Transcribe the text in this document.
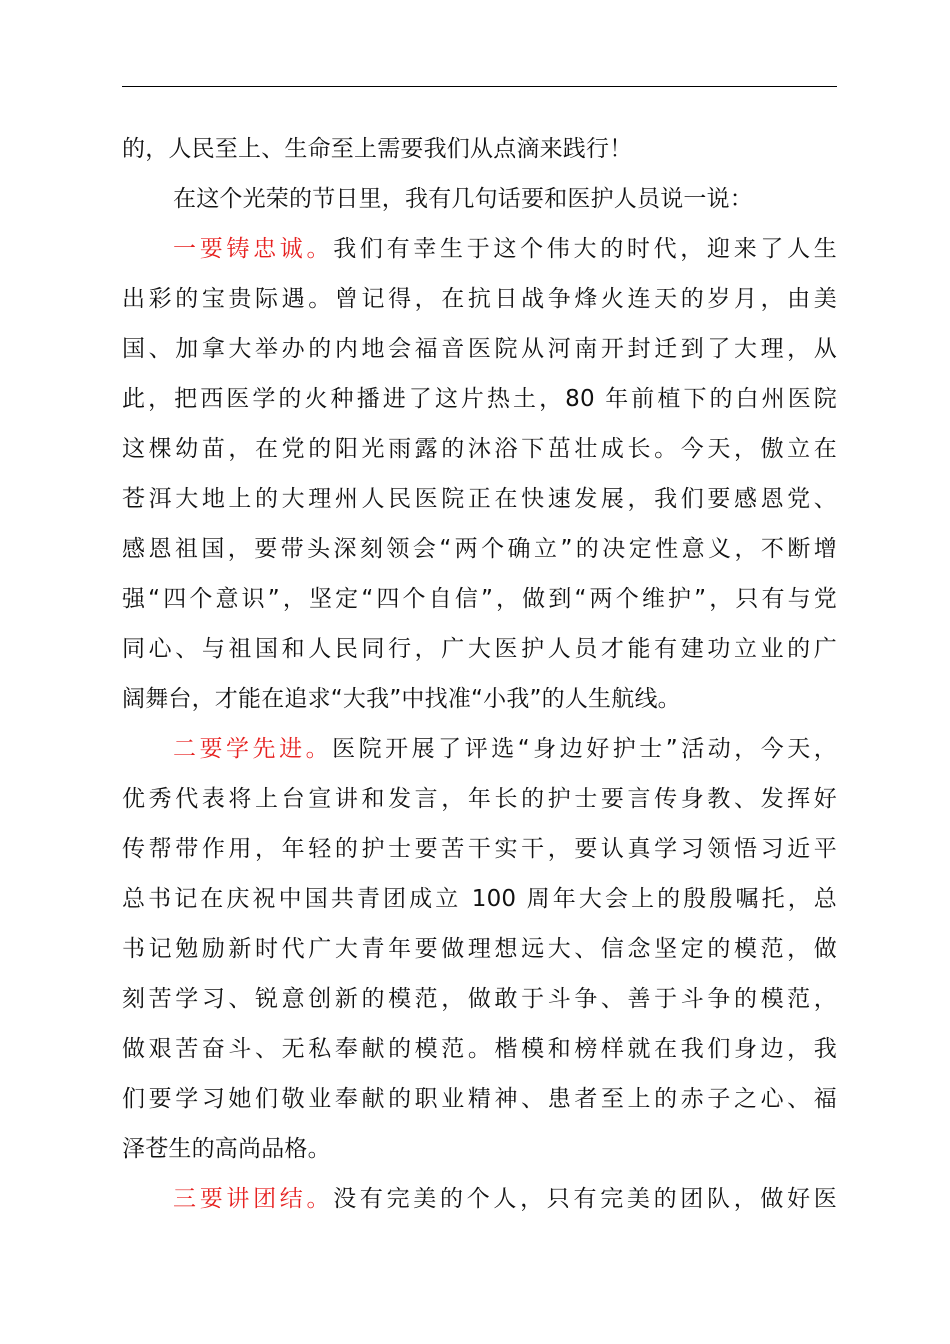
的，人民至上、生命至上需要我们从点滴来践行！
在这个光荣的节日里，我有几句话要和医护人员说一说：
一要铸忠诚。我们有幸生于这个伟大的时代，迎来了人生
出彩的宝贵际遇。曾记得，在抗日战争烽火连天的岁月，由美
国、加拿大举办的内地会福音医院从河南开封迁到了大理，从
此，把西医学的火种播进了这片热土，80 年前植下的白州医院
这棵幼苗，在党的阳光雨露的沐浴下茁壮成长。今天，傲立在
苍洱大地上的大理州人民医院正在快速发展，我们要感恩党、
感恩祖国，要带头深刻领会“两个确立”的决定性意义，不断增
强“四个意识”，坚定“四个自信”，做到“两个维护”，只有与党
同心、与祖国和人民同行，广大医护人员才能有建功立业的广
阔舞台，才能在追求“大我”中找准“小我”的人生航线。
二要学先进。医院开展了评选“身边好护士”活动，今天，
优秀代表将上台宣讲和发言，年长的护士要言传身教、发挥好
传帮带作用，年轻的护士要苦干实干，要认真学习领悟习近平
总书记在庆祝中国共青团成立 100 周年大会上的殷殷嘱托，总
书记勉励新时代广大青年要做理想远大、信念坚定的模范，做
刻苦学习、锐意创新的模范，做敢于斗争、善于斗争的模范，
做艰苦奋斗、无私奉献的模范。楷模和榜样就在我们身边，我
们要学习她们敬业奉献的职业精神、患者至上的赤子之心、福
泽苍生的高尚品格。
三要讲团结。没有完美的个人，只有完美的团队，做好医
